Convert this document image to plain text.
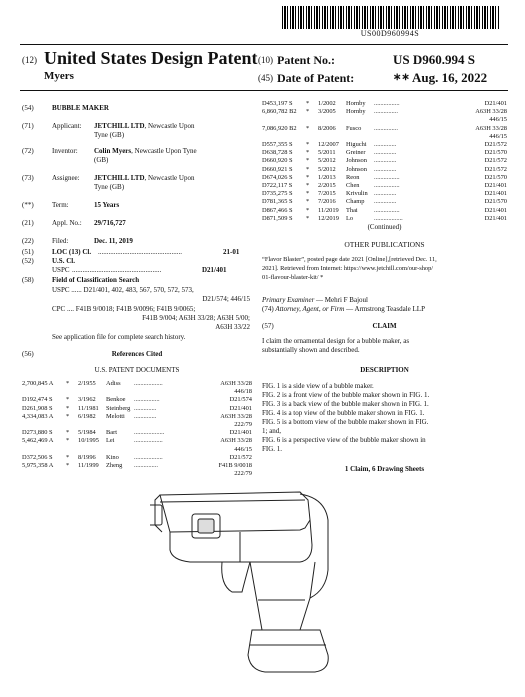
US00D960994S
(12) United States Design Patent
Myers
(10) Patent No.:	US D960.994 S
(45) Date of Patent:	∗∗ Aug. 16, 2022
(54)	BUBBLE MAKER
(71)	Applicant: JETCHILL LTD, Newcastle Upon
Tyne (GB)
(72)	Inventor: Colin Myers, Newcastle Upon Tyne
(GB)
(73)	Assignee: JETCHILL LTD, Newcastle Upon
Tyne (GB)
(**)	Term:	15 Years
(21)	Appl. No.: 29/716,727
(22)	Filed:	Dec. 11, 2019
(51)	LOC (13) Cl. ................................................	21-01
(52)	U.S. Cl.
USPC ...................................................	D21/401
(58)	Field of Classification Search
USPC ...... D21/401, 402, 483, 567, 570, 572, 573,
D21/574; 446/15
CPC .... F41B 9/0018; F41B 9/0096; F41B 9/0065;
F41B 9/004; A63H 33/28; A63H 5/00;
A63H 33/22
See application file for complete search history.
(56)	References Cited
U.S. PATENT DOCUMENTS
2,700,845 A * 2/1955 Adiss ..................	A63H 33/28
446/18
D192,474 S * 3/1962 Benkoe ................	D21/574
D261,908 S * 11/1981 Steinberg ..............	D21/401
4,334,083 A * 6/1982 Melotti ..............	A63H 33/28
222/79
D273,880 S * 5/1984 Bart	...................	D21/401
5,462,469 A * 10/1995 Lei	..................	A63H 33/28
446/15
D372,506 S * 8/1996 Kino ..................	D21/572
5,975,358 A * 11/1999 Zheng ...............	F41B 9/0018
222/79
D453,197 S * 1/2002 Hornby ................	D21/401
6,860,782 B2 * 3/2005 Hornby ...............	A63H 33/28
446/15
7,086,920 B2 * 8/2006 Fusco ...............	A63H 33/28
446/15
D557,355 S * 12/2007 Higuchi ..............	D21/572
D638,728 S * 5/2011 Greiner ..............	D21/570
D660,920 S * 5/2012 Johnson ..............	D21/572
D660,921 S * 5/2012 Johnson ..............	D21/572
D674,026 S * 1/2013 Reon ................	D21/570
D722,117 S * 2/2015 Chen ................	D21/401
D735,275 S * 7/2015 Krivulin ..............	D21/401
D781,365 S * 7/2016 Champ ..............	D21/570
D867,466 S * 11/2019 Thai	................	D21/401
D871,509 S * 12/2019 Lo	..................	D21/401
(Continued)
OTHER PUBLICATIONS
“Flavor Blaster”, posted page date 2021 [Online],[retrieved Dec. 11,
2021]. Retrieved from Internet: https://www.jetchill.com/our-shop/
01-flavour-blaster-kit/ *
Primary Examiner — Mehri F Bajoul
(74) Attorney, Agent, or Firm — Armstrong Teasdale LLP
(57)	CLAIM
I claim the ornamental design for a bubble maker, as
substantially shown and described.
DESCRIPTION
FIG. 1 is a side view of a bubble maker.
FIG. 2 is a front view of the bubble maker shown in FIG. 1.
FIG. 3 is a back view of the bubble maker shown in FIG. 1.
FIG. 4 is a top view of the bubble maker shown in FIG. 1.
FIG. 5 is a bottom view of the bubble maker shown in FIG.
1; and,
FIG. 6 is a perspective view of the bubble maker shown in
FIG. 1.
1 Claim, 6 Drawing Sheets
